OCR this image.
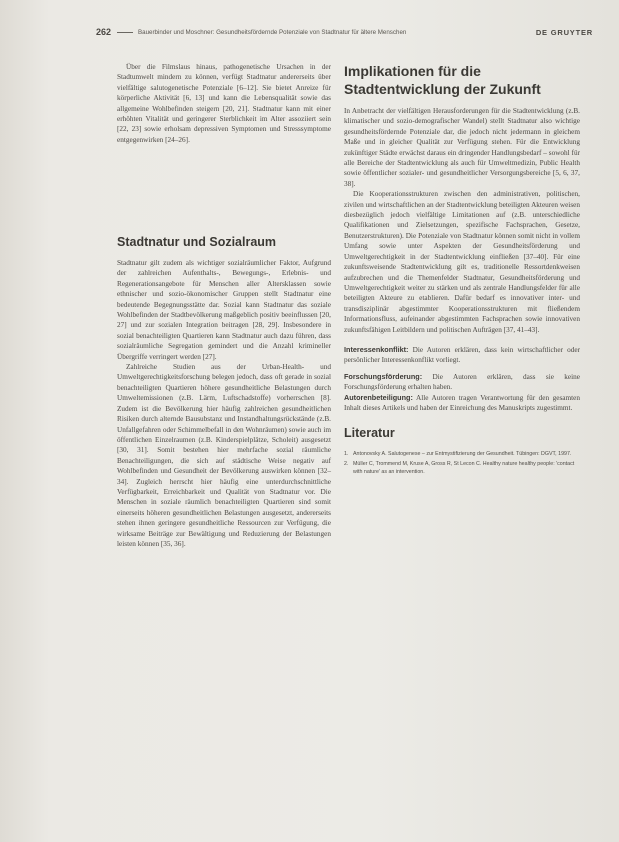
262	Bauerbinder und Moschner: Gesundheitsfördernde Potenziale von Stadtnatur für ältere Menschen	DE GRUYTER

Über die Filmslaus hinaus, pathogenetische Ursachen in der Stadtumwelt mindern zu können, verfügt Stadtnatur andererseits über vielfältige salutogenetische Potenziale [6–12]. Sie bietet Anreize für körperliche Aktivität [6, 13] und kann die Lebensqualität sowie das allgemeine Wohlbefinden steigern [20, 21]. Stadtnatur kann mit einer erhöhten Vitalität und geringerer Sterblichkeit im Alter assoziiert sein [22, 23] sowie erholsam depressiven Symptomen und Stresssymptome entgegenwirken [24–26].

Stadtnatur und Sozialraum

Stadtnatur gilt zudem als wichtiger sozialräumlicher Faktor, Aufgrund der zahlreichen Aufenthalts-, Bewegungs-, Erlebnis- und Regenerationsangebote für Menschen aller Altersklassen sowie ethnischer und sozio-ökonomischer Gruppen stellt Stadtnatur eine bedeutende Begegnungsstätte dar. Sozial kann Stadtnatur das soziale Wohlbefinden der Stadtbevölkerung maßgeblich positiv beeinflussen [20, 27] und zur sozialen Integration beitragen [28, 29]. Insbesondere in sozial benachteiligten Quartieren kann Stadtnatur auch dazu führen, dass sozialräumliche Segregation gemindert und die Anzahl krimineller Übergriffe verringert werden [27].

Zahlreiche Studien aus der Urban-Health- und Umweltgerechtigkeitsforschung belegen jedoch, dass oft gerade in sozial benachteiligten Quartieren höhere gesundheitliche Belastungen durch Umweltemissionen (z.B. Lärm, Luftschadstoffe) vorherrschen [8]. Zudem ist die Bevölkerung hier häufig zahlreichen gesundheitlichen Risiken durch alternde Bausubstanz und Instandhaltungsrückstände (z.B. Unfallgefahren oder Schimmelbefall in den Wohnräumen) sowie auch im öffentlichen Einzelraumen (z.B. Kinderspielplätze, Scholeit) ausgesetzt [30, 31]. Somit bestehen hier mehrfache sozial räumliche Benachteiligungen, die sich auf städtische Weise negativ auf Wohlbefinden und Gesundheit der Bevölkerung auswirken können [32–34]. Zugleich herrscht hier häufig eine unterdurchschnittliche Verfügbarkeit, Erreichbarkeit und Qualität von Stadtnatur vor. Die Menschen in soziale räumlich benachteiligten Quartieren sind somit einerseits höheren gesundheitlichen Belastungen ausgesetzt, andererseits stehen ihnen geringere gesundheitliche Ressourcen zur Verfügung, die wirksame Beiträge zur Bewältigung und Reduzierung der Belastungen leisten können [35, 36].

Implikationen für die Stadtentwicklung der Zukunft

In Anbetracht der vielfältigen Herausforderungen für die Stadtentwicklung (z.B. klimatischer und sozio-demografischer Wandel) stellt Stadtnatur also wichtige gesundheitsfördernde Potenziale dar, die jedoch nicht jedermann in gleichem Maße und in gleicher Qualität zur Verfügung stehen. Für die Entwicklung zukünftiger Städte erwächst daraus ein dringender Handlungsbedarf – sowohl für alle Bereiche der Stadtentwicklung als auch für Umweltmedizin, Public Health sowie öffentlicher sozialer- und gesundheitlicher Versorgungsbereiche [5, 6, 37, 38].

Die Kooperationsstrukturen zwischen den administrativen, politischen, zivilen und wirtschaftlichen an der Stadtentwicklung beteiligten Akteuren weisen diesbezüglich jedoch vielfältige Limitationen auf (z.B. unterschiedliche Qualifikationen und Zielsetzungen, spezifische Fachsprachen, Gesetze, Benutzerstrukturen). Die Potenziale von Stadtnatur können somit nicht in vollem Umfang sowie unter Aspekten der Gesundheitsförderung und Umweltgerechtigkeit in der Stadtentwicklung einfließen [37–40]. Für eine zukunftsweisende Stadtentwicklung gilt es, traditionelle Ressortdenkweisen aufzubrechen und die Themenfelder Stadtnatur, Gesundheitsförderung und Umweltgerechtigkeit weiter zu stärken und als zentrale Handlungsfelder für alle beteiligten Akteure zu etablieren. Dafür bedarf es innovativer inter- und transdisziplinär abgestimmter Kooperationsstrukturen mit fließendem Informationsfluss, aufeinander abgestimmten Fachsprachen sowie innovativen zukunftsfähigen Leitbildern und politischen Aufträgen [37, 41–43].

Interessenkonflikt: Die Autoren erklären, dass kein wirtschaftlicher oder persönlicher Interessenkonflikt vorliegt.

Forschungsförderung: Die Autoren erklären, dass sie keine Forschungsförderung erhalten haben.

Autorenbeteiligung: Alle Autoren tragen Verantwortung für den gesamten Inhalt dieses Artikels und haben der Einreichung des Manuskripts zugestimmt.

Literatur
1. Antonovsky A. Salutogenese – zur Entmystifizierung der Gesundheit. Tübingen: DGVT, 1997.
2. Müller C, Trommend M, Kruse A, Gross R, St Lecon C. Healthy nature healthy people: 'contact with nature' as an intervention.
